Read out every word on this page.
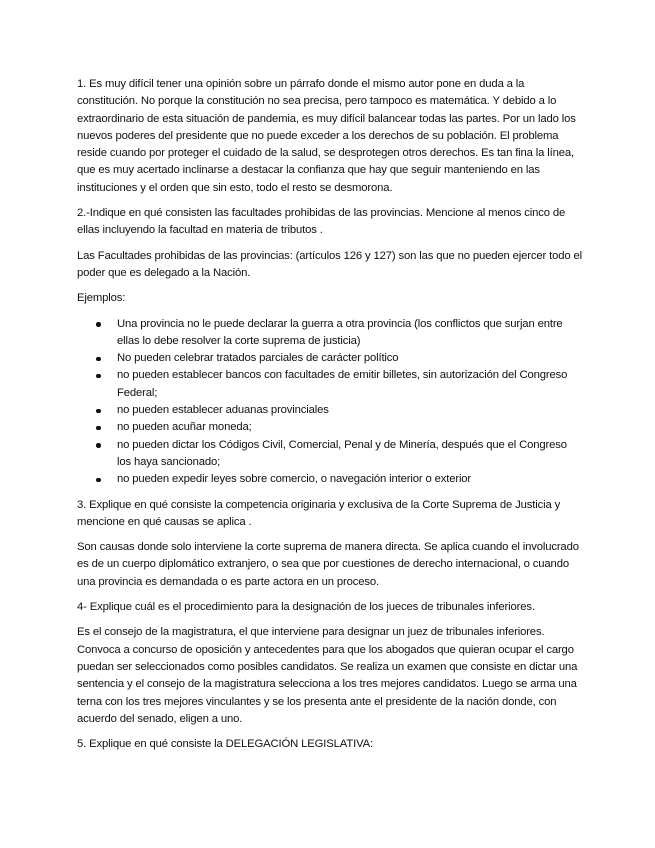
1. Es muy difícil tener una opinión sobre un párrafo donde el mismo autor pone en duda a la constitución. No porque la constitución no sea precisa, pero tampoco es matemática. Y debido a lo extraordinario de esta situación de pandemia, es muy difícil balancear todas las partes. Por un lado los nuevos poderes del presidente que no puede exceder a los derechos de su población. El problema reside cuando por proteger el cuidado de la salud, se desprotegen otros derechos. Es tan fina la línea, que es muy acertado inclinarse a destacar la confianza que hay que seguir manteniendo en las instituciones y el orden que sin esto, todo el resto se desmorona.

2.-Indique en qué consisten las facultades prohibidas de las provincias. Mencione al menos cinco de ellas incluyendo la facultad en materia de tributos .

Las Facultades prohibidas de las provincias: (artículos 126 y 127) son las que no pueden ejercer todo el poder que es delegado a la Nación.

Ejemplos:

Una provincia no le puede declarar la guerra a otra provincia (los conflictos que surjan entre ellas lo debe resolver la corte suprema de justicia)
No pueden celebrar tratados parciales de carácter político
no pueden establecer bancos con facultades de emitir billetes, sin autorización del Congreso Federal;
no pueden establecer aduanas provinciales
no pueden acuñar moneda;
no pueden dictar los Códigos Civil, Comercial, Penal y de Minería, después que el Congreso los haya sancionado;
no pueden expedir leyes sobre comercio, o navegación interior o exterior

3. Explique en qué consiste la competencia originaria y exclusiva de la Corte Suprema de Justicia y mencione en qué causas se aplica .

Son causas donde solo interviene la corte suprema de manera directa. Se aplica cuando el involucrado es de un cuerpo diplomático extranjero, o sea que por cuestiones de derecho internacional, o cuando una provincia es demandada o es parte actora en un proceso.

4- Explique cuál es el procedimiento para la designación de los jueces de tribunales inferiores.

Es el consejo de la magistratura, el que interviene para designar un juez de tribunales inferiores. Convoca a concurso de oposición y antecedentes para que los abogados que quieran ocupar el cargo puedan ser seleccionados como posibles candidatos. Se realiza un examen que consiste en dictar una sentencia y el consejo de la magistratura selecciona a los tres mejores candidatos. Luego se arma una terna con los tres mejores vinculantes y se los presenta ante el presidente de la nación donde, con acuerdo del senado, eligen a uno.

5. Explique en qué consiste la DELEGACIÓN LEGISLATIVA:
